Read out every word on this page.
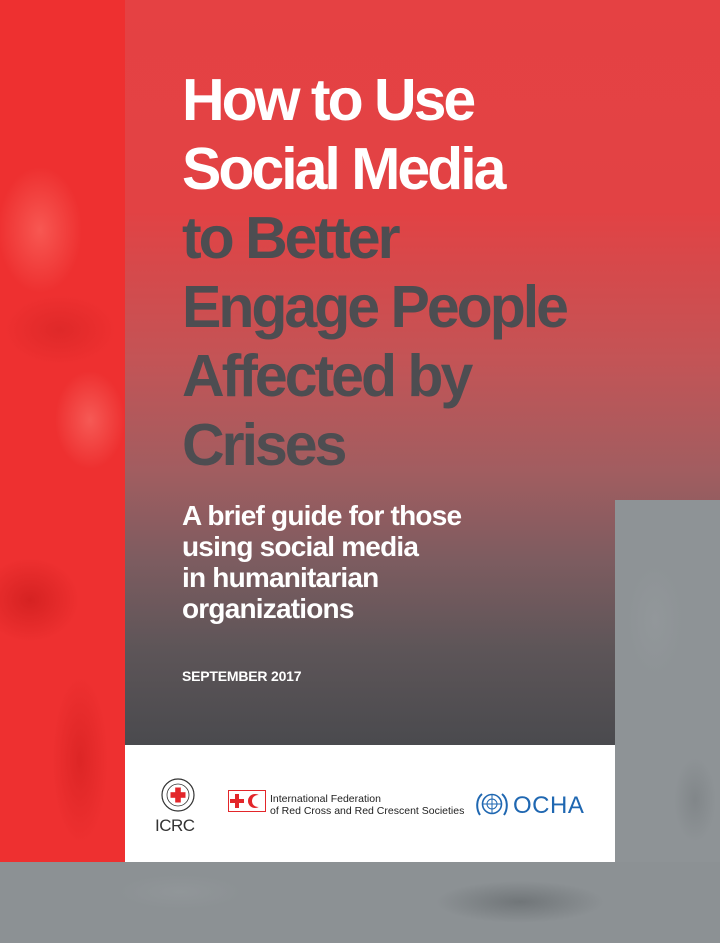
How to Use
Social Media
to Better
Engage People
Affected by
Crises
A brief guide for those
using social media
in humanitarian
organizations
SEPTEMBER 2017
ICRC
International Federation
of Red Cross and Red Crescent Societies OCHA
